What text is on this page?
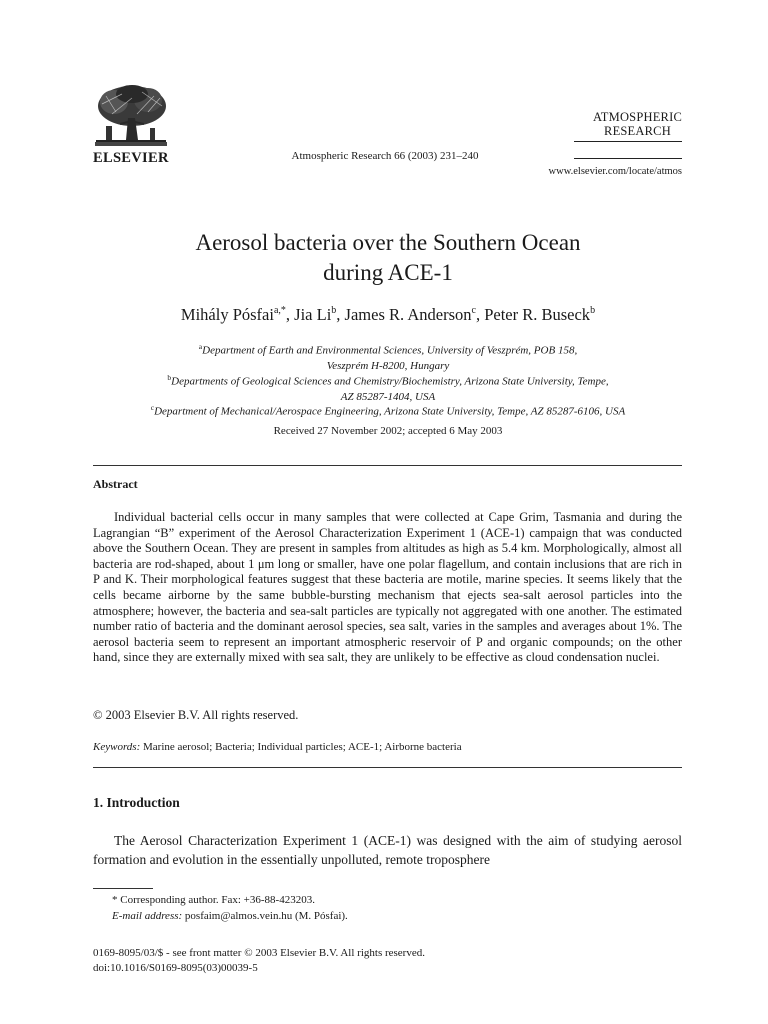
ELSEVIER	Atmospheric Research 66 (2003) 231–240
ATMOSPHERIC
RESEARCH
www.elsevier.com/locate/atmos
Aerosol bacteria over the Southern Ocean
during ACE-1
Mihály Pósfai$^{a,*}$, Jia Li$^b$, James R. Anderson$^c$, Peter R. Buseck$^b$
$^a$Department of Earth and Environmental Sciences, University of Veszprém, POB 158,
Veszprém H-8200, Hungary
$^b$Departments of Geological Sciences and Chemistry/Biochemistry, Arizona State University, Tempe,
AZ 85287-1404, USA
$^c$Department of Mechanical/Aerospace Engineering, Arizona State University, Tempe, AZ 85287-6106, USA
Received 27 November 2002; accepted 6 May 2003
Abstract
Individual bacterial cells occur in many samples that were collected at Cape Grim, Tasmania and during the Lagrangian “B” experiment of the Aerosol Characterization Experiment 1 (ACE-1) campaign that was conducted above the Southern Ocean. They are present in samples from altitudes as high as 5.4 km. Morphologically, almost all bacteria are rod-shaped, about 1 μm long or smaller, have one polar flagellum, and contain inclusions that are rich in P and K. Their morphological features suggest that these bacteria are motile, marine species. It seems likely that the cells became airborne by the same bubble-bursting mechanism that ejects sea-salt aerosol particles into the atmosphere; however, the bacteria and sea-salt particles are typically not aggregated with one another. The estimated number ratio of bacteria and the dominant aerosol species, sea salt, varies in the samples and averages about 1%. The aerosol bacteria seem to represent an important atmospheric reservoir of P and organic compounds; on the other hand, since they are externally mixed with sea salt, they are unlikely to be effective as cloud condensation nuclei.
© 2003 Elsevier B.V. All rights reserved.
Keywords: Marine aerosol; Bacteria; Individual particles; ACE-1; Airborne bacteria
1. Introduction
The Aerosol Characterization Experiment 1 (ACE-1) was designed with the aim of studying aerosol formation and evolution in the essentially unpolluted, remote troposphere
* Corresponding author. Fax: +36-88-423203.
E-mail address: posfaim@almos.vein.hu (M. Pósfai).
0169-8095/03/$ - see front matter © 2003 Elsevier B.V. All rights reserved.
doi:10.1016/S0169-8095(03)00039-5
